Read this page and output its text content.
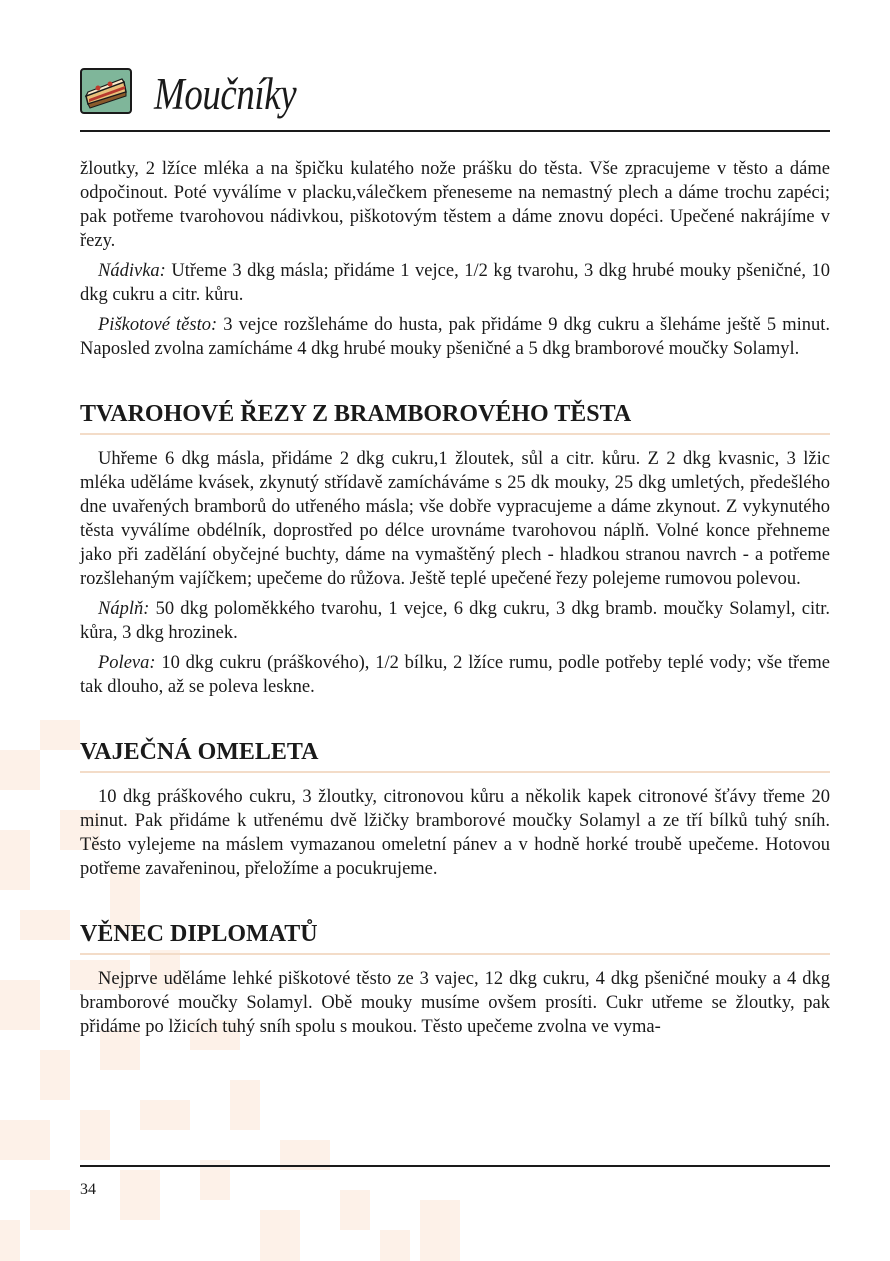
Moučníky

žloutky, 2 lžíce mléka a na špičku kulatého nože prášku do těsta. Vše zpracujeme v těsto a dáme odpočinout. Poté vyválíme v placku,válečkem přeneseme na nemastný plech a dáme trochu zapéci; pak potřeme tvarohovou nádivkou, piškotovým těstem a dáme znovu dopéci. Upečené nakrájíme v řezy.

Nádivka: Utřeme 3 dkg másla; přidáme 1 vejce, 1/2 kg tvarohu, 3 dkg hrubé mouky pšeničné, 10 dkg cukru a citr. kůru.

Piškotové těsto: 3 vejce rozšleháme do husta, pak přidáme 9 dkg cukru a šleháme ještě 5 minut. Naposled zvolna zamícháme 4 dkg hrubé mouky pšeničné a 5 dkg bramborové moučky Solamyl.

TVAROHOVÉ ŘEZY Z BRAMBOROVÉHO TĚSTA

Uhřeme 6 dkg másla, přidáme 2 dkg cukru,1 žloutek, sůl a citr. kůru. Z 2 dkg kvasnic, 3 lžic mléka uděláme kvásek, zkynutý střídavě zamícháváme s 25 dk mouky, 25 dkg umletých, předešlého dne uvařených bramborů do utřeného másla; vše dobře vypracujeme a dáme zkynout. Z vykynutého těsta vyválíme obdélník, doprostřed po délce urovnáme tvarohovou náplň. Volné konce přehneme jako při zadělání obyčejné buchty, dáme na vymaštěný plech - hladkou stranou navrch - a potřeme rozšlehaným vajíčkem; upečeme do růžova. Ještě teplé upečené řezy polejeme rumovou polevou.

Náplň: 50 dkg poloměkkého tvarohu, 1 vejce, 6 dkg cukru, 3 dkg bramb. moučky Solamyl, citr. kůra, 3 dkg hrozinek.

Poleva: 10 dkg cukru (práškového), 1/2 bílku, 2 lžíce rumu, podle potřeby teplé vody; vše třeme tak dlouho, až se poleva leskne.

VAJEČNÁ OMELETA

10 dkg práškového cukru, 3 žloutky, citronovou kůru a několik kapek citronové šťávy třeme 20 minut. Pak přidáme k utřenému dvě lžičky bramborové moučky Solamyl a ze tří bílků tuhý sníh. Těsto vylejeme na máslem vymazanou omeletní pánev a v hodně horké troubě upečeme. Hotovou potřeme zavařeninou, přeložíme a pocukrujeme.

VĚNEC DIPLOMATŮ

Nejprve uděláme lehké piškotové těsto ze 3 vajec, 12 dkg cukru, 4 dkg pšeničné mouky a 4 dkg bramborové moučky Solamyl. Obě mouky musíme ovšem prosíti. Cukr utřeme se žloutky, pak přidáme po lžicích tuhý sníh spolu s moukou. Těsto upečeme zvolna ve vyma-

34
